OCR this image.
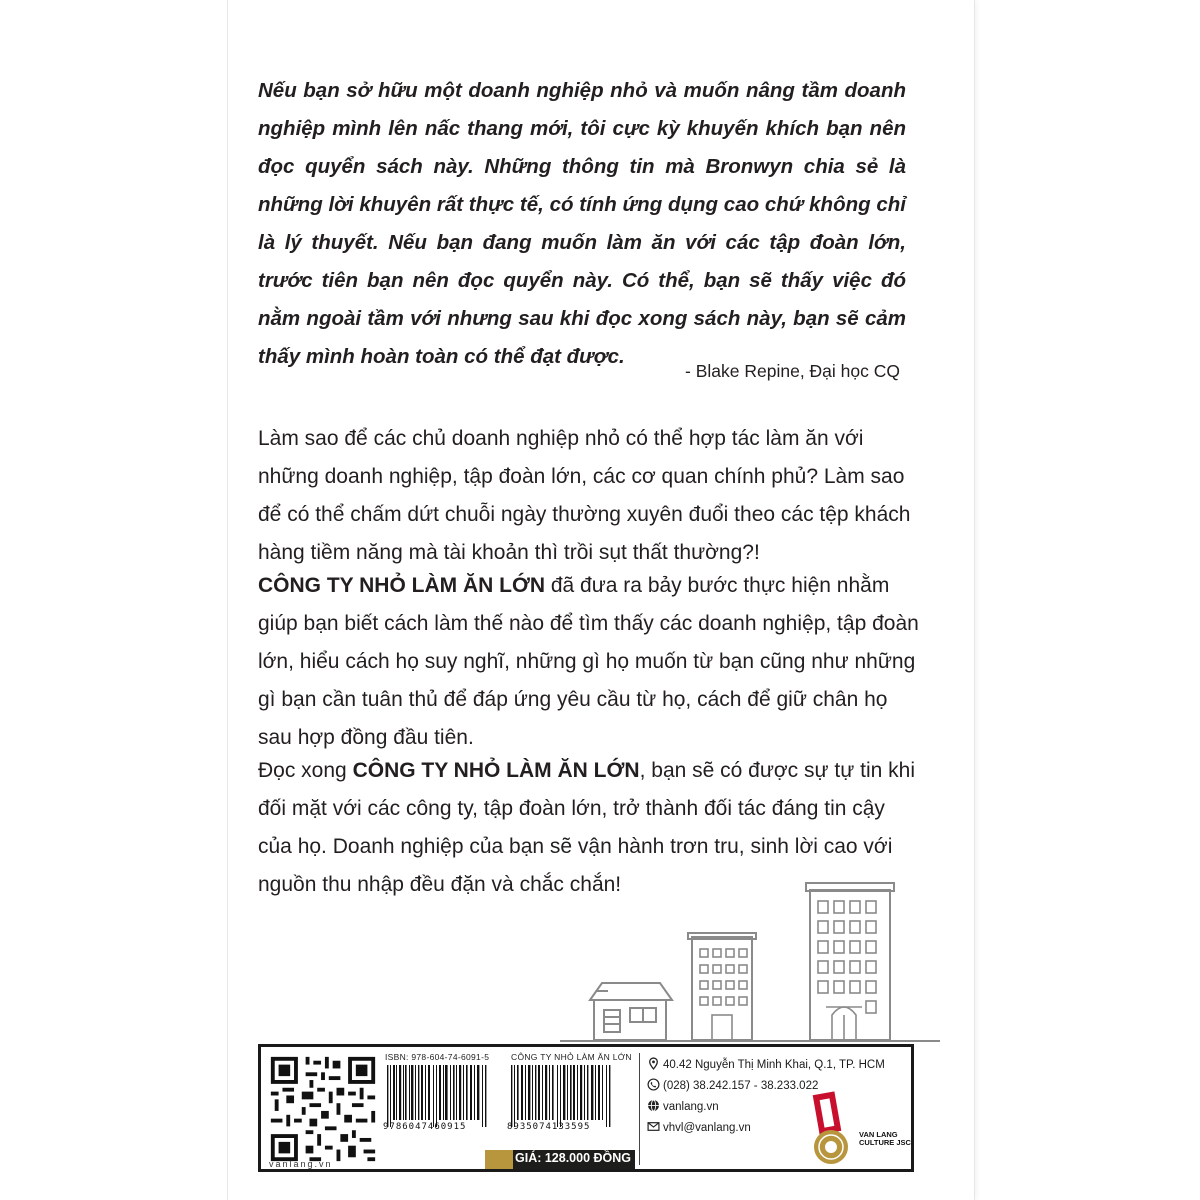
Nếu bạn sở hữu một doanh nghiệp nhỏ và muốn nâng tầm doanh nghiệp mình lên nấc thang mới, tôi cực kỳ khuyến khích bạn nên đọc quyển sách này. Những thông tin mà Bronwyn chia sẻ là những lời khuyên rất thực tế, có tính ứng dụng cao chứ không chỉ là lý thuyết. Nếu bạn đang muốn làm ăn với các tập đoàn lớn, trước tiên bạn nên đọc quyển này. Có thể, bạn sẽ thấy việc đó nằm ngoài tầm với nhưng sau khi đọc xong sách này, bạn sẽ cảm thấy mình hoàn toàn có thể đạt được.
- Blake Repine, Đại học CQ
Làm sao để các chủ doanh nghiệp nhỏ có thể hợp tác làm ăn với những doanh nghiệp, tập đoàn lớn, các cơ quan chính phủ? Làm sao để có thể chấm dứt chuỗi ngày thường xuyên đuổi theo các tệp khách hàng tiềm năng mà tài khoản thì trồi sụt thất thường?!
CÔNG TY NHỎ LÀM ĂN LỚN đã đưa ra bảy bước thực hiện nhằm giúp bạn biết cách làm thế nào để tìm thấy các doanh nghiệp, tập đoàn lớn, hiểu cách họ suy nghĩ, những gì họ muốn từ bạn cũng như những gì bạn cần tuân thủ để đáp ứng yêu cầu từ họ, cách để giữ chân họ sau hợp đồng đầu tiên.
Đọc xong CÔNG TY NHỎ LÀM ĂN LỚN, bạn sẽ có được sự tự tin khi đối mặt với các công ty, tập đoàn lớn, trở thành đối tác đáng tin cậy của họ. Doanh nghiệp của bạn sẽ vận hành trơn tru, sinh lời cao với nguồn thu nhập đều đặn và chắc chắn!
vanlang.vn
ISBN: 978-604-74-6091-5	CÔNG TY NHỎ LÀM ĂN LỚN
9786047460915	8935074133595
GIÁ: 128.000 ĐỒNG
40.42 Nguyễn Thị Minh Khai, Q.1, TP. HCM
(028) 38.242.157 - 38.233.022
vanlang.vn
vhvl@vanlang.vn
VAN LANG
CULTURE JSC
